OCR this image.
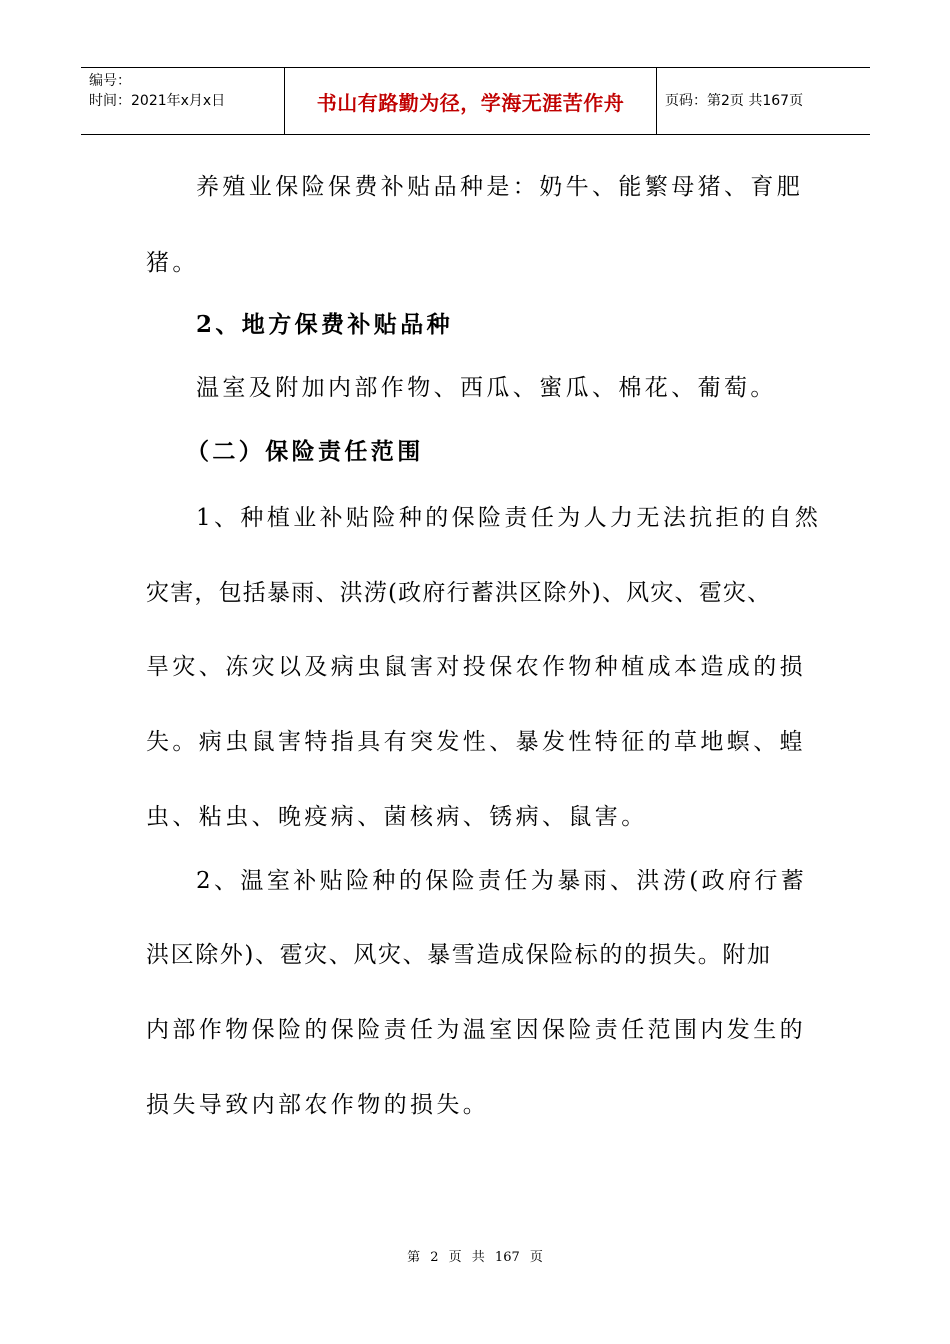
编号：
时间：2021年x月x日	书山有路勤为径，学海无涯苦作舟	页码：第2页 共167页
养殖业保险保费补贴品种是：奶牛、能繁母猪、育肥
猪。
2、地方保费补贴品种
温室及附加内部作物、西瓜、蜜瓜、棉花、葡萄。
（二）保险责任范围
1、种植业补贴险种的保险责任为人力无法抗拒的自然
灾害，包括暴雨、洪涝(政府行蓄洪区除外)、风灾、雹灾、
旱灾、冻灾以及病虫鼠害对投保农作物种植成本造成的损
失。病虫鼠害特指具有突发性、暴发性特征的草地螟、蝗
虫、粘虫、晚疫病、菌核病、锈病、鼠害。
2、温室补贴险种的保险责任为暴雨、洪涝(政府行蓄
洪区除外)、雹灾、风灾、暴雪造成保险标的的损失。附加
内部作物保险的保险责任为温室因保险责任范围内发生的
损失导致内部农作物的损失。
第 2 页 共 167 页
